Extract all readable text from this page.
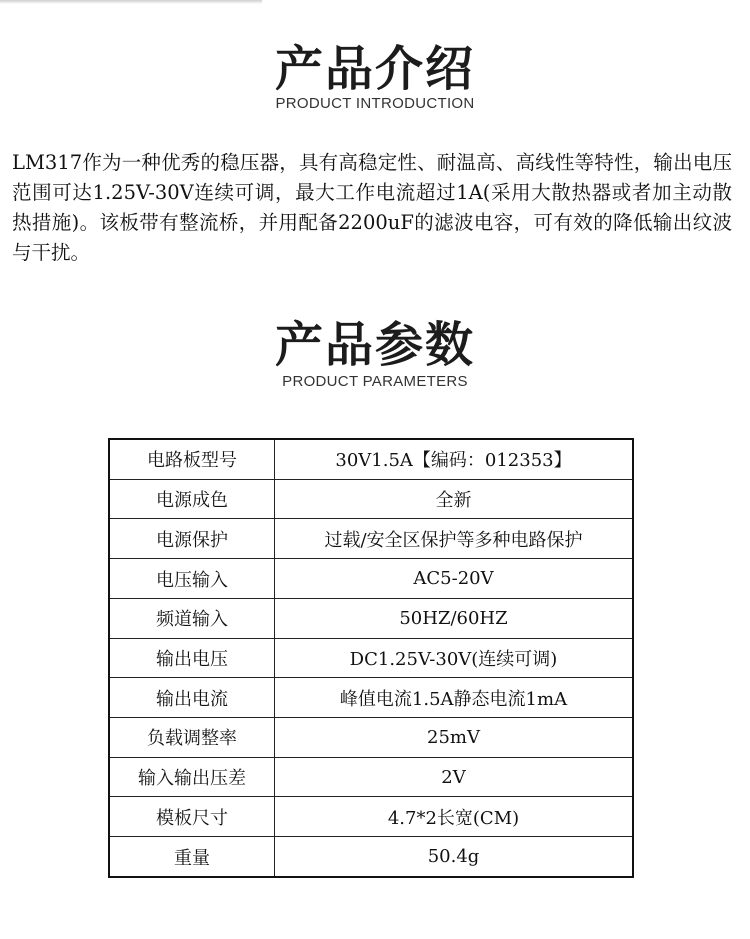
产品介绍
PRODUCT INTRODUCTION
LM317作为一种优秀的稳压器，具有高稳定性、耐温高、高线性等特性，输出电压范围可达1.25V-30V连续可调，最大工作电流超过1A(采用大散热器或者加主动散热措施)。该板带有整流桥，并用配备2200uF的滤波电容，可有效的降低输出纹波与干扰。
产品参数
PRODUCT PARAMETERS
电路板型号	30V1.5A【编码：012353】
电源成色	全新
电源保护	过载/安全区保护等多种电路保护
电压输入	AC5-20V
频道输入	50HZ/60HZ
输出电压	DC1.25V-30V(连续可调)
输出电流	峰值电流1.5A静态电流1mA
负载调整率	25mV
输入输出压差	2V
模板尺寸	4.7*2长宽(CM)
重量	50.4g
